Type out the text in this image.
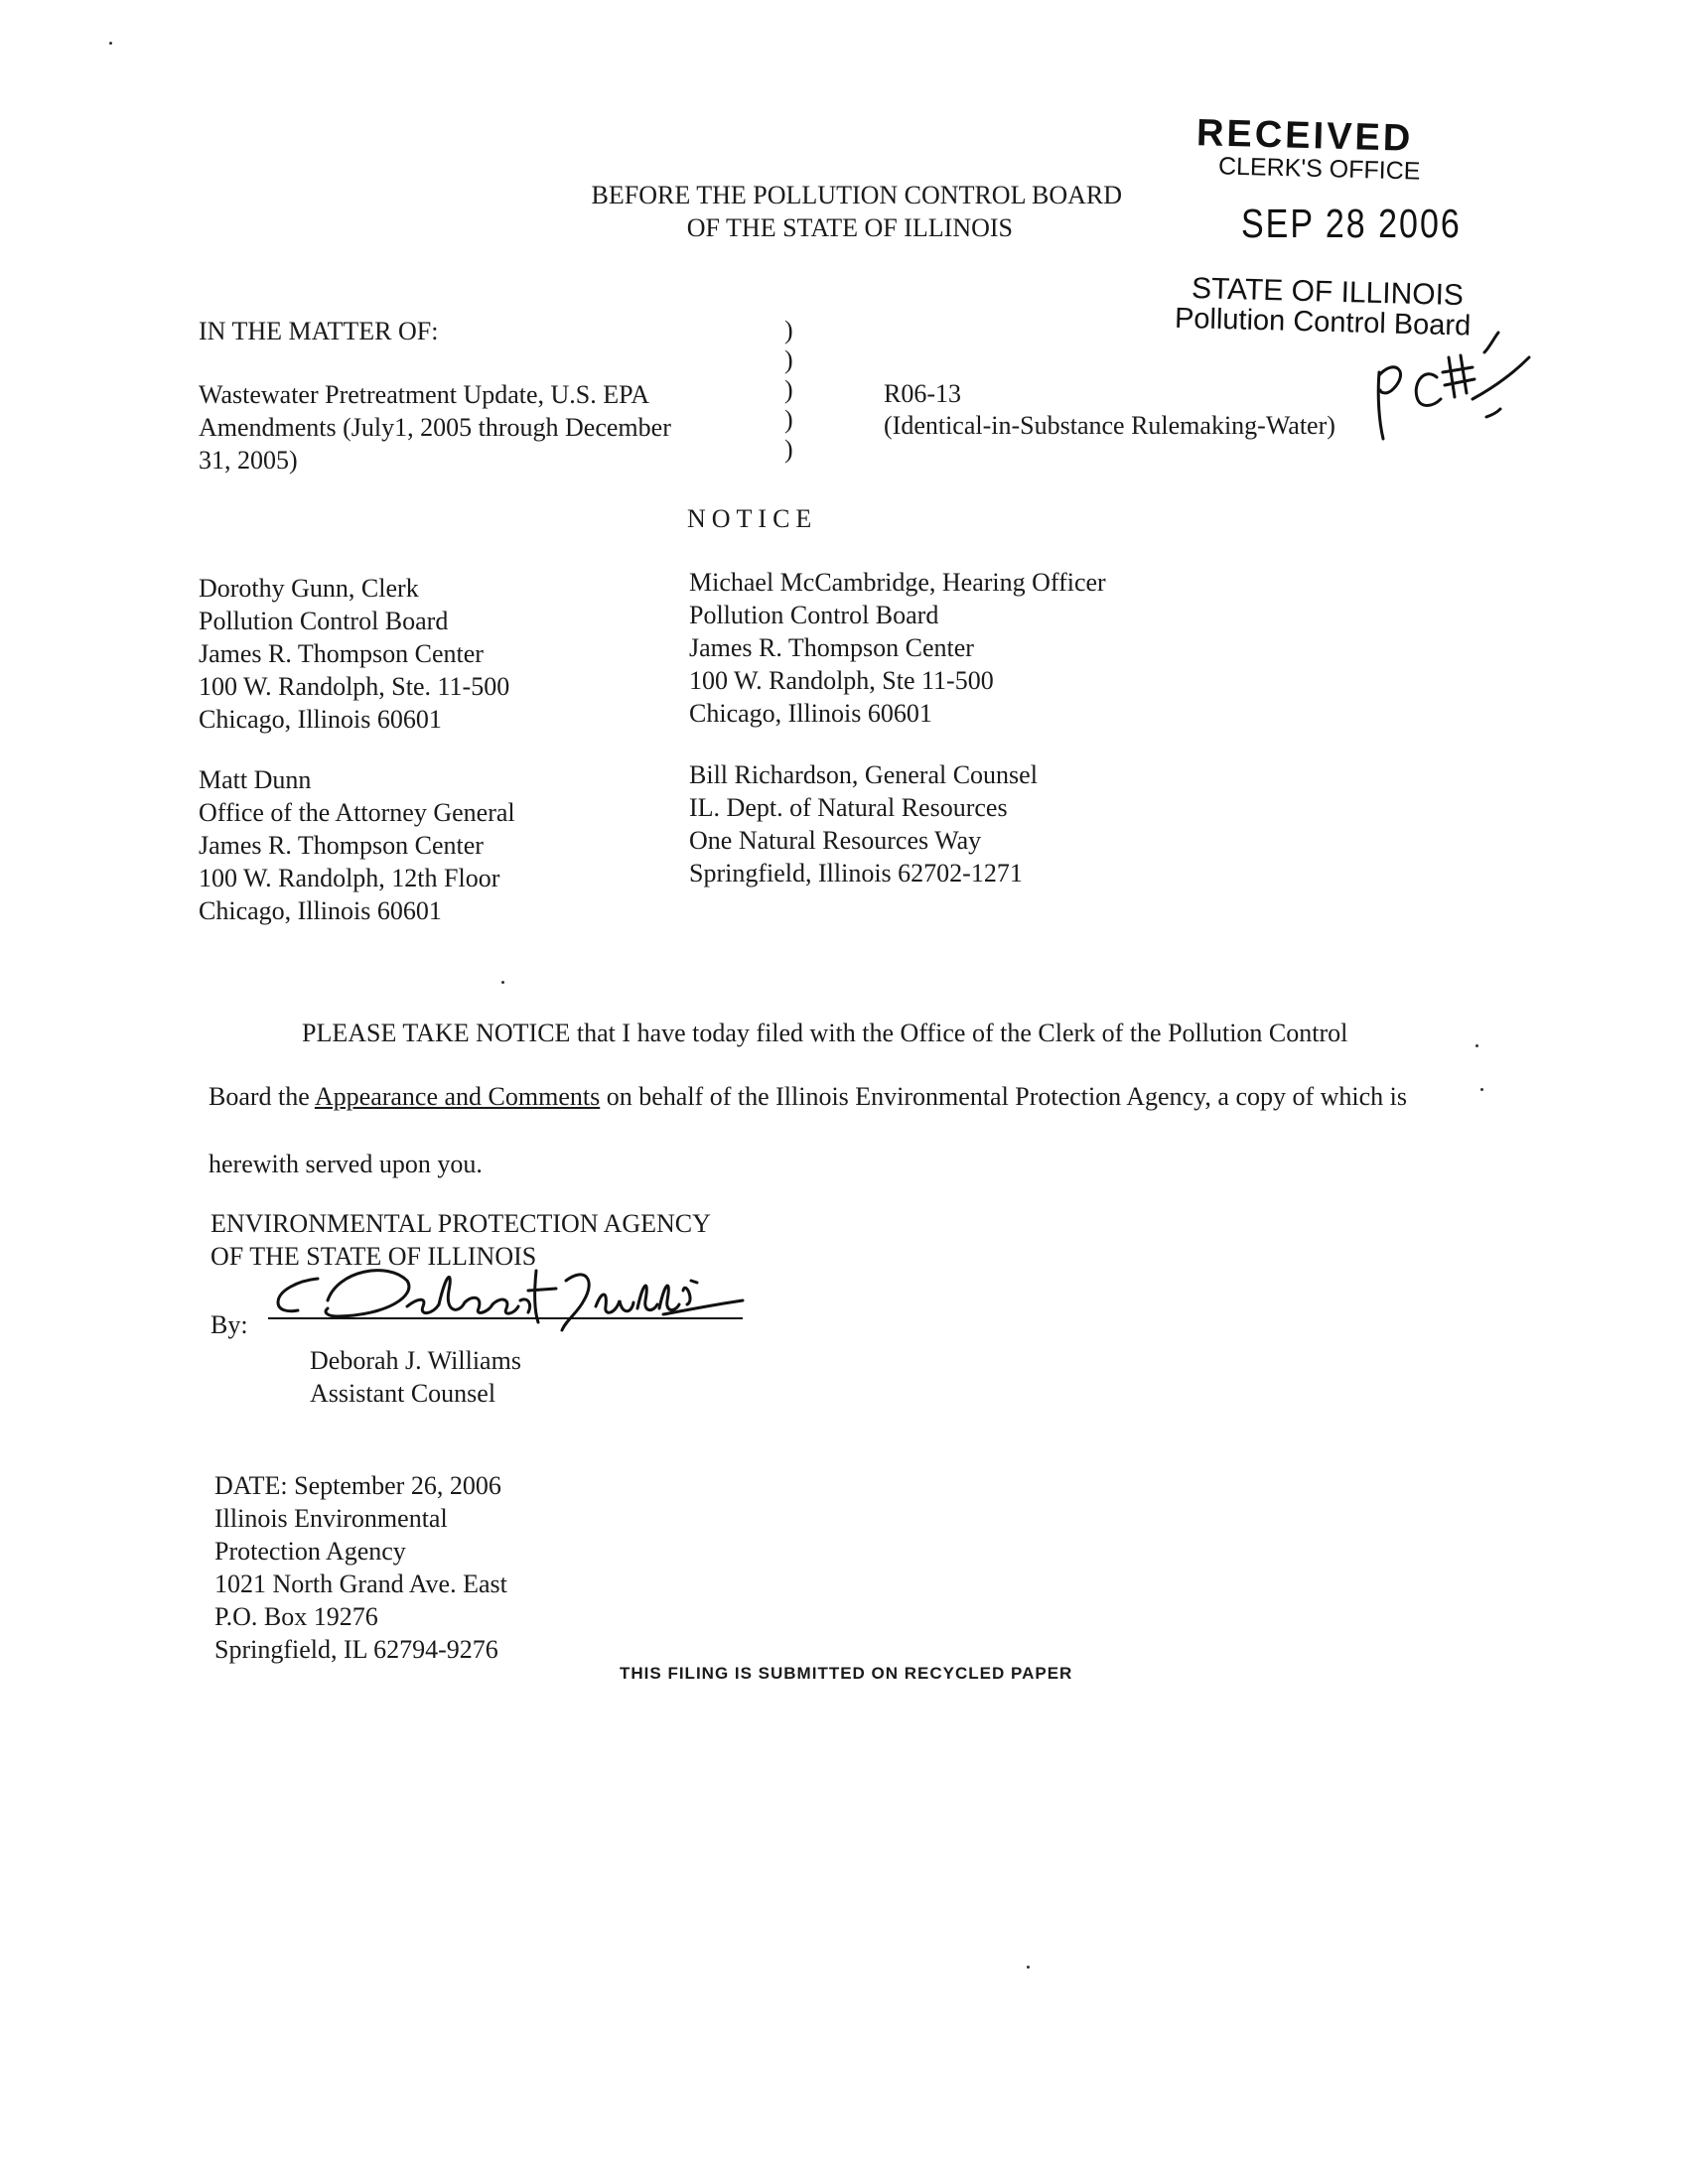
RECEIVED
CLERK'S OFFICE
SEP 28 2006
STATE OF ILLINOIS
Pollution Control Board
BEFORE THE POLLUTION CONTROL BOARD
OF THE STATE OF ILLINOIS
IN THE MATTER OF:
Wastewater Pretreatment Update, U.S. EPA
Amendments (July1, 2005 through December
31, 2005)
)
)
)
)
)
R06-13
(Identical-in-Substance Rulemaking-Water)
NOTICE
Dorothy Gunn, Clerk
Pollution Control Board
James R. Thompson Center
100 W. Randolph, Ste. 11-500
Chicago, Illinois 60601
Michael McCambridge, Hearing Officer
Pollution Control Board
James R. Thompson Center
100 W. Randolph, Ste 11-500
Chicago, Illinois 60601
Matt Dunn
Office of the Attorney General
James R. Thompson Center
100 W. Randolph, 12th Floor
Chicago, Illinois 60601
Bill Richardson, General Counsel
IL. Dept. of Natural Resources
One Natural Resources Way
Springfield, Illinois 62702-1271
PLEASE TAKE NOTICE that I have today filed with the Office of the Clerk of the Pollution Control
Board the Appearance and Comments on behalf of the Illinois Environmental Protection Agency, a copy of which is
herewith served upon you.
ENVIRONMENTAL PROTECTION AGENCY
OF THE STATE OF ILLINOIS
By:
Deborah J. Williams
Assistant Counsel
DATE: September 26, 2006
Illinois Environmental
Protection Agency
1021 North Grand Ave. East
P.O. Box 19276
Springfield, IL 62794-9276
THIS FILING IS SUBMITTED ON RECYCLED PAPER
